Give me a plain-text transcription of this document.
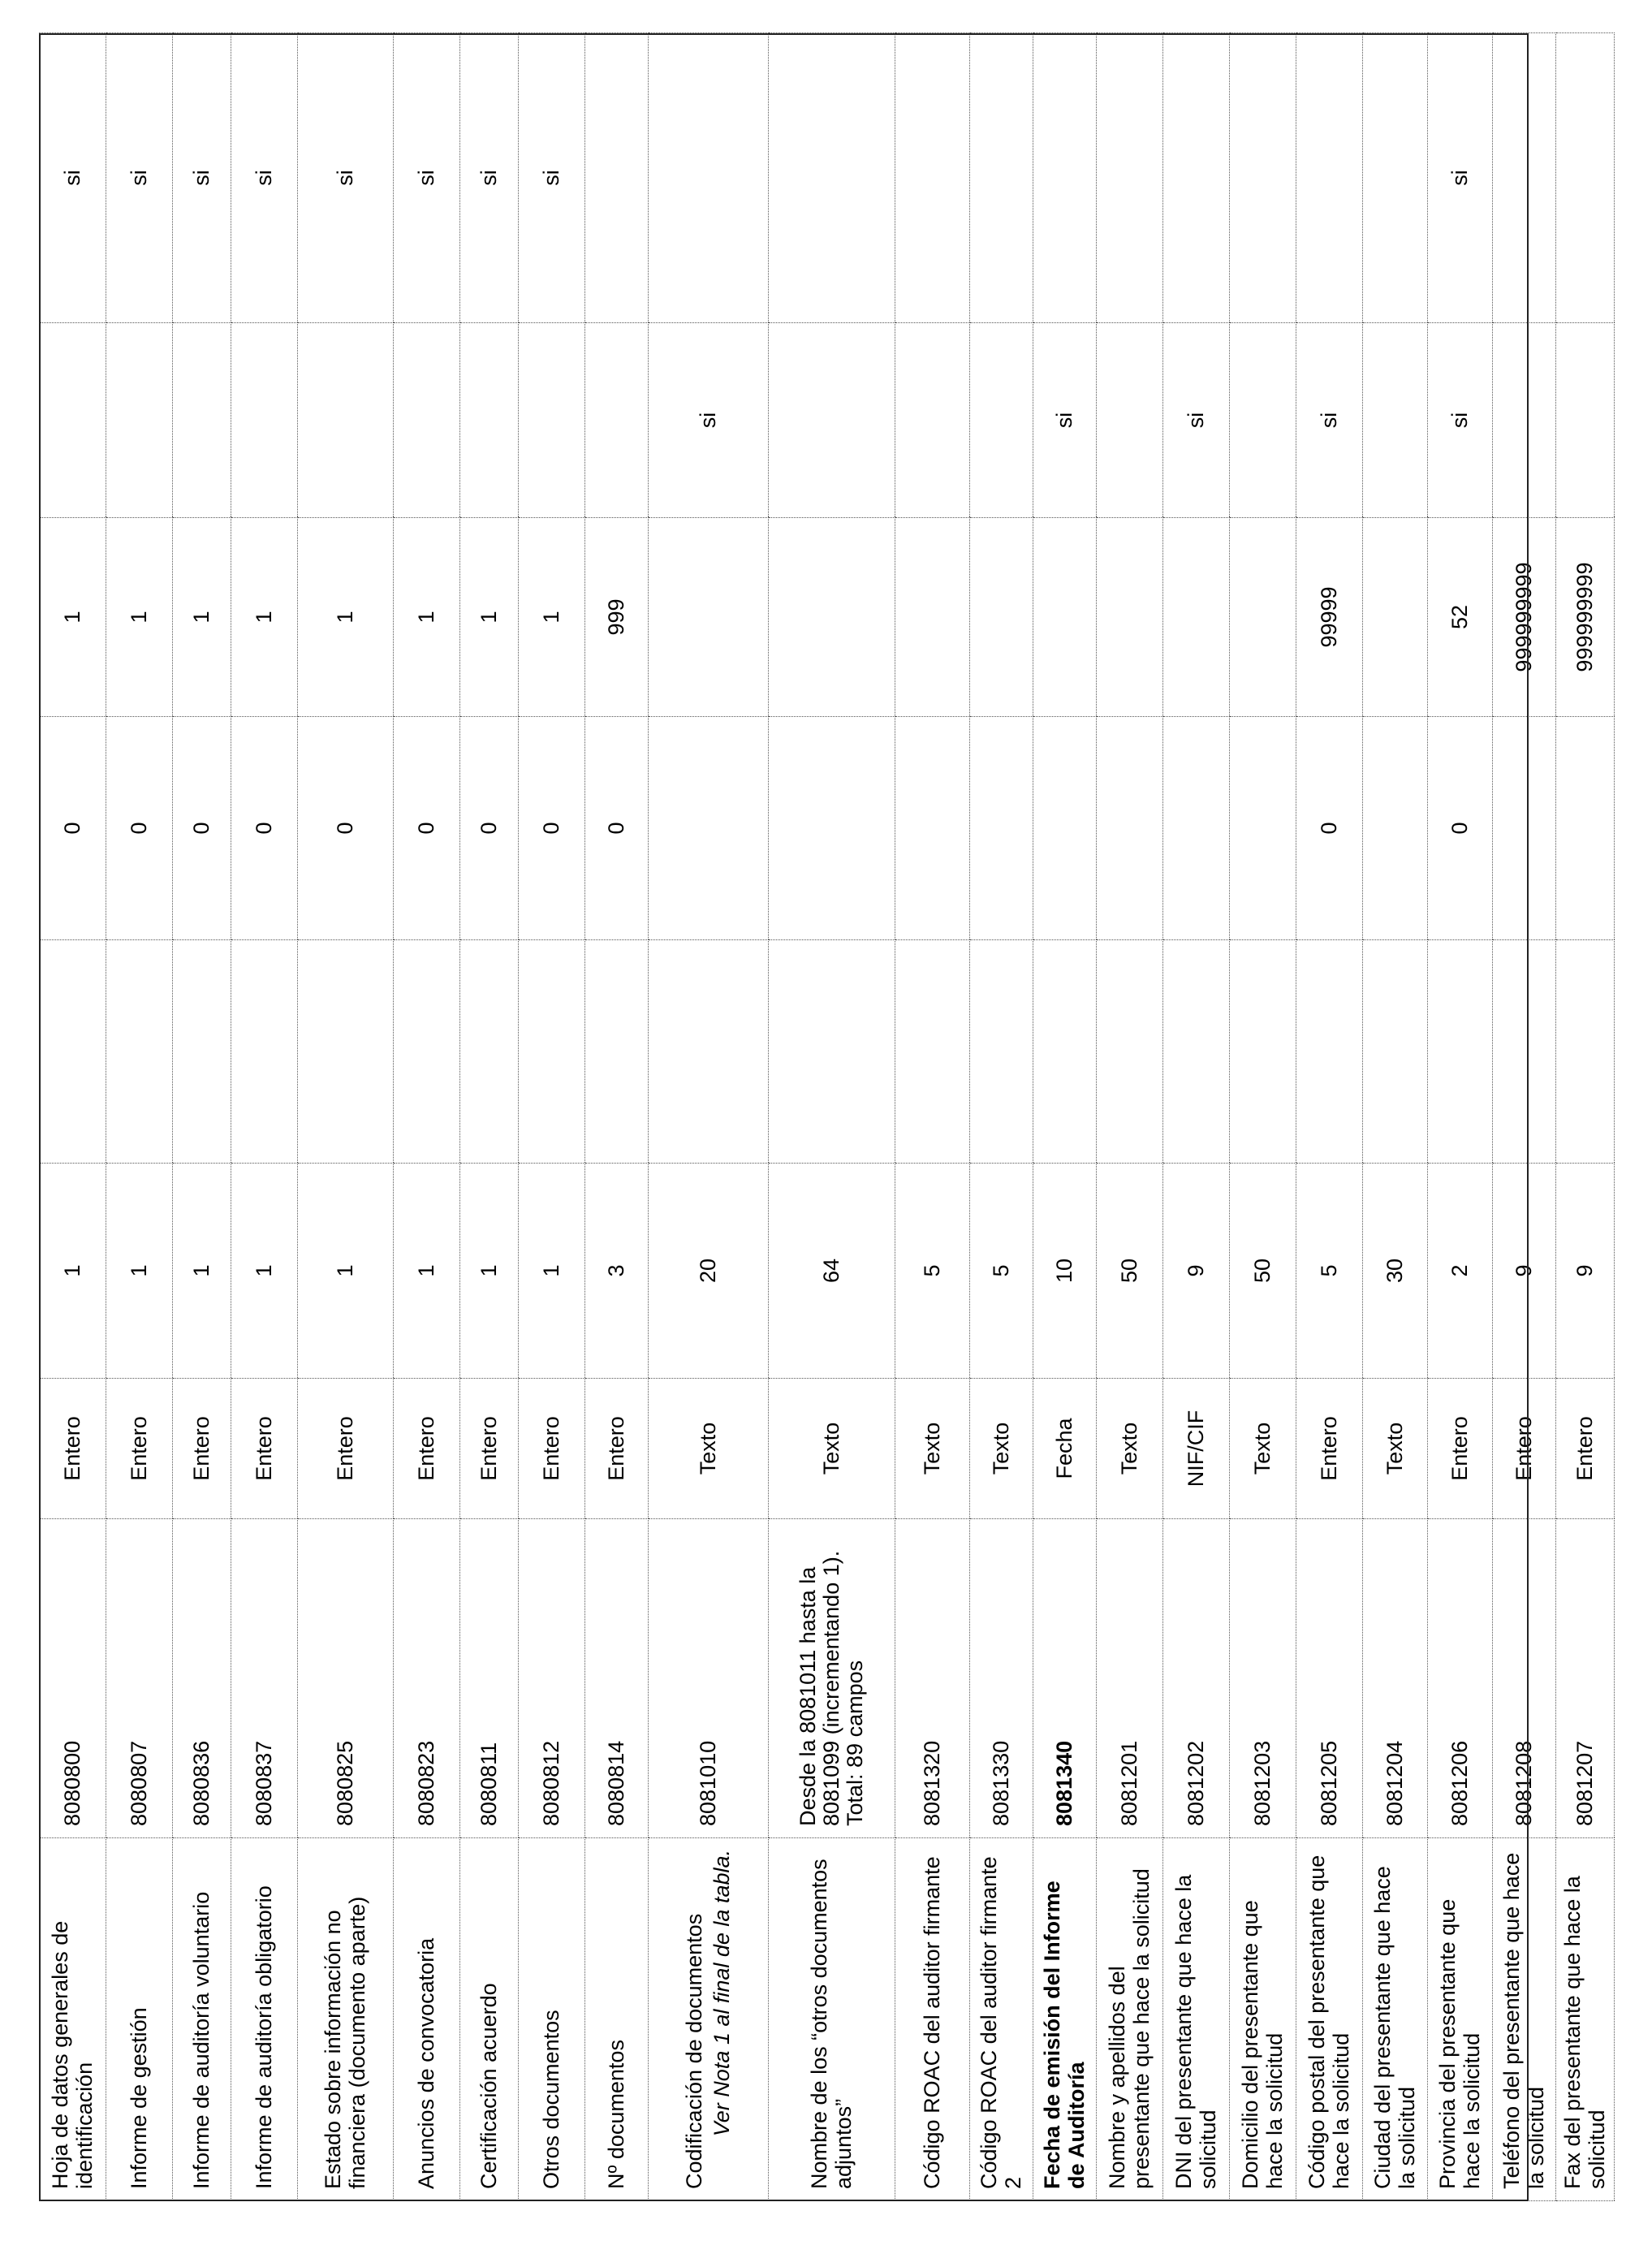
Hoja de datos generales de identificación	8080800	Entero	1		0	1		si
Informe de gestión	8080807	Entero	1		0	1		si
Informe de auditoría voluntario	8080836	Entero	1		0	1		si
Informe de auditoría obligatorio	8080837	Entero	1		0	1		si
Estado sobre información no financiera (documento aparte)	8080825	Entero	1		0	1		si
Anuncios de convocatoria	8080823	Entero	1		0	1		si
Certificación acuerdo	8080811	Entero	1		0	1		si
Otros documentos	8080812	Entero	1		0	1		si
Nº documentos	8080814	Entero	3		0	999		
Codificación de documentos Ver Nota 1 al final de la tabla.	8081010	Texto	20				si	
Nombre de los “otros documentos adjuntos”	Desde la 8081011 hasta la 8081099 (incrementando 1). Total: 89 campos	Texto	64					
Código ROAC del auditor firmante	8081320	Texto	5					
Código ROAC del auditor firmante 2	8081330	Texto	5					
Fecha de emisión del Informe de Auditoría	8081340	Fecha	10				si	
Nombre y apellidos del presentante que hace la solicitud	8081201	Texto	50					
DNI del presentante que hace la solicitud	8081202	NIF/CIF	9				si	
Domicilio del presentante que hace la solicitud	8081203	Texto	50					
Código postal del presentante que hace la solicitud	8081205	Entero	5		0	99999	si	
Ciudad del presentante que hace la solicitud	8081204	Texto	30					
Provincia del presentante que hace la solicitud	8081206	Entero	2		0	52	si	si
Teléfono del presentante que hace la solicitud	8081208	Entero	9			999999999		
Fax del presentante que hace la solicitud	8081207	Entero	9			999999999		
